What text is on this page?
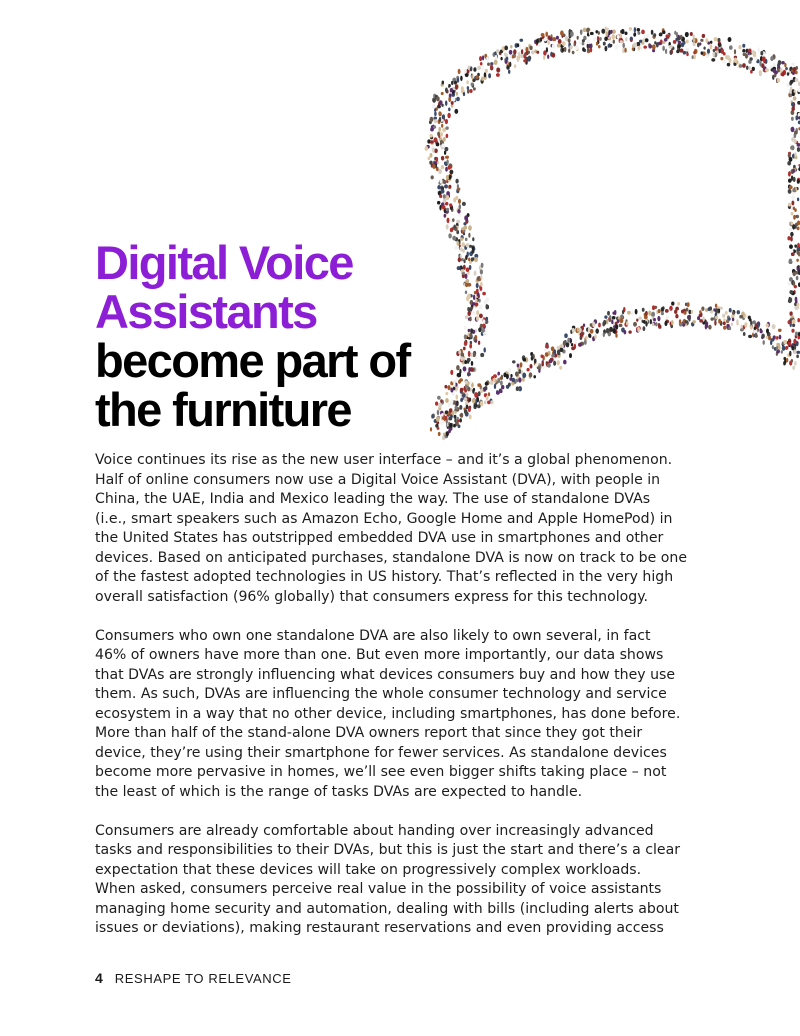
Digital Voice
Assistants
become part of
the furniture

Voice continues its rise as the new user interface – and it’s a global phenomenon.
Half of online consumers now use a Digital Voice Assistant (DVA), with people in
China, the UAE, India and Mexico leading the way. The use of standalone DVAs
(i.e., smart speakers such as Amazon Echo, Google Home and Apple HomePod) in
the United States has outstripped embedded DVA use in smartphones and other
devices. Based on anticipated purchases, standalone DVA is now on track to be one
of the fastest adopted technologies in US history. That’s reflected in the very high
overall satisfaction (96% globally) that consumers express for this technology.

Consumers who own one standalone DVA are also likely to own several, in fact
46% of owners have more than one. But even more importantly, our data shows
that DVAs are strongly influencing what devices consumers buy and how they use
them. As such, DVAs are influencing the whole consumer technology and service
ecosystem in a way that no other device, including smartphones, has done before.
More than half of the stand-alone DVA owners report that since they got their
device, they’re using their smartphone for fewer services. As standalone devices
become more pervasive in homes, we’ll see even bigger shifts taking place – not
the least of which is the range of tasks DVAs are expected to handle.

Consumers are already comfortable about handing over increasingly advanced
tasks and responsibilities to their DVAs, but this is just the start and there’s a clear
expectation that these devices will take on progressively complex workloads.
When asked, consumers perceive real value in the possibility of voice assistants
managing home security and automation, dealing with bills (including alerts about
issues or deviations), making restaurant reservations and even providing access

4 RESHAPE TO RELEVANCE
